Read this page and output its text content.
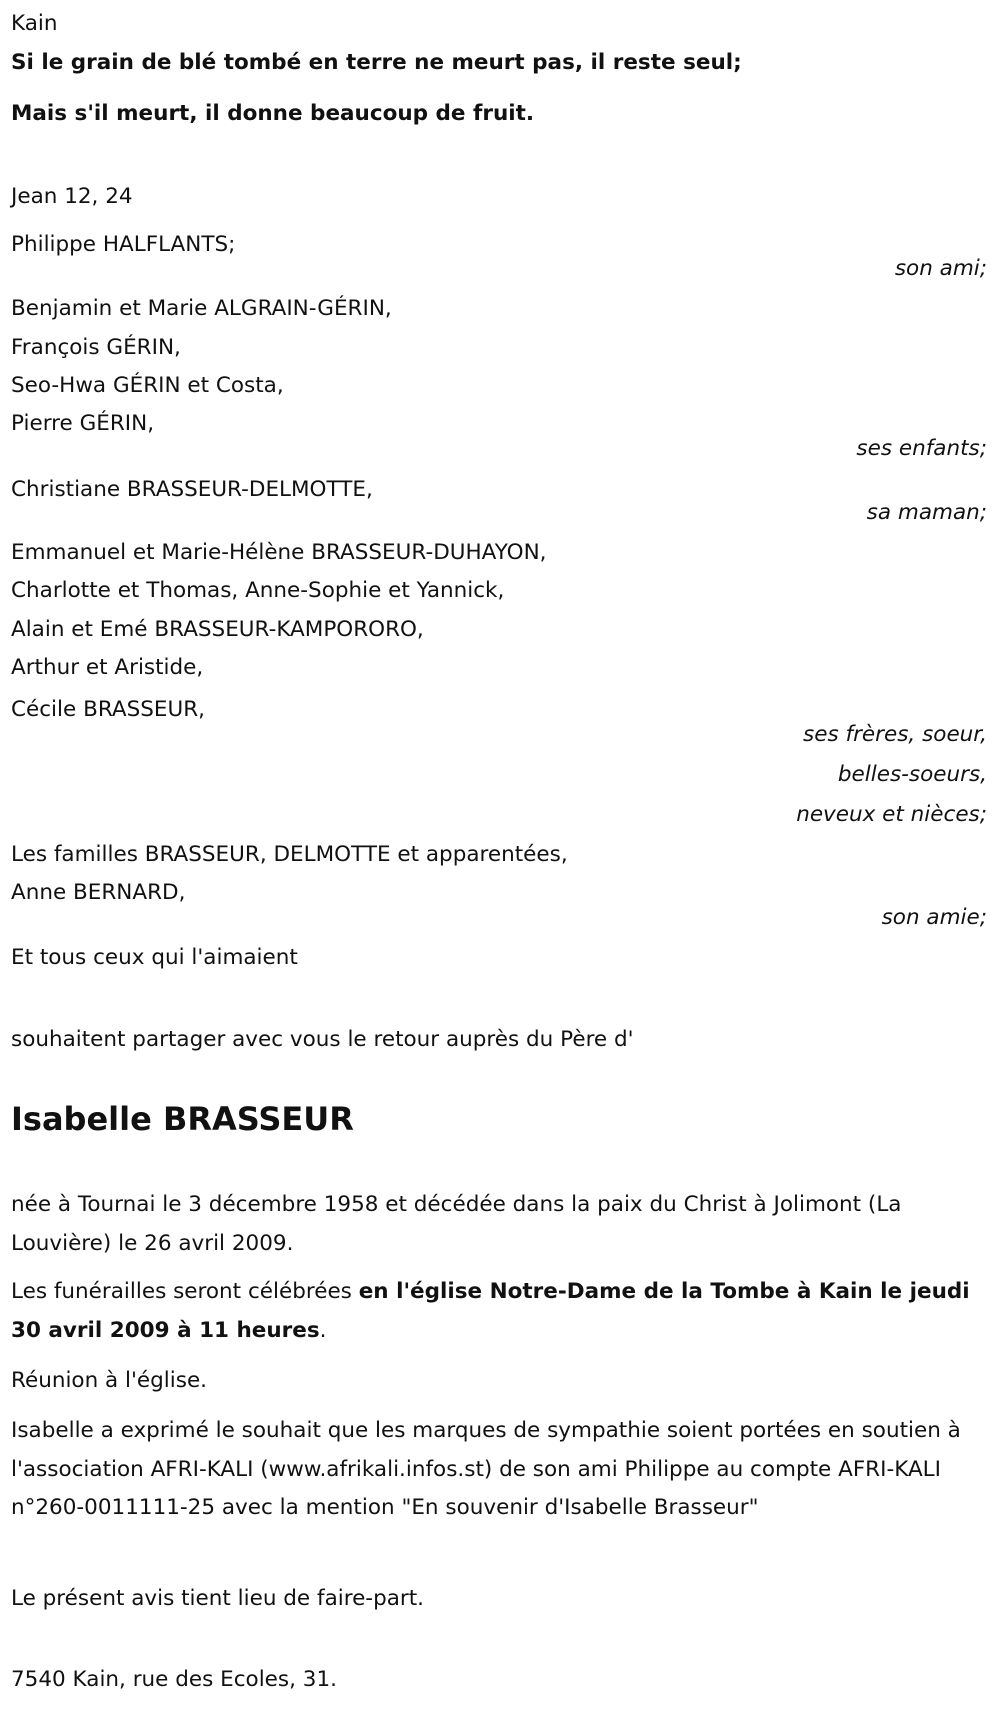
Kain
Si le grain de blé tombé en terre ne meurt pas, il reste seul;
Mais s'il meurt, il donne beaucoup de fruit.
Jean 12, 24
Philippe HALFLANTS;
son ami;
Benjamin et Marie ALGRAIN-GÉRIN,
François GÉRIN,
Seo-Hwa GÉRIN et Costa,
Pierre GÉRIN,
ses enfants;
Christiane BRASSEUR-DELMOTTE,
sa maman;
Emmanuel et Marie-Hélène BRASSEUR-DUHAYON,
Charlotte et Thomas, Anne-Sophie et Yannick,
Alain et Emé BRASSEUR-KAMPORORO,
Arthur et Aristide,
Cécile BRASSEUR,
ses frères, soeur,
belles-soeurs,
neveux et nièces;
Les familles BRASSEUR, DELMOTTE et apparentées,
Anne BERNARD,
son amie;
Et tous ceux qui l'aimaient
souhaitent partager avec vous le retour auprès du Père d'
Isabelle BRASSEUR
née à Tournai le 3 décembre 1958 et décédée dans la paix du Christ à Jolimont (La Louvière) le 26 avril 2009.
Les funérailles seront célébrées en l'église Notre-Dame de la Tombe à Kain le jeudi 30 avril 2009 à 11 heures.
Réunion à l'église.
Isabelle a exprimé le souhait que les marques de sympathie soient portées en soutien à l'association AFRI-KALI (www.afrikali.infos.st) de son ami Philippe au compte AFRI-KALI n°260-0011111-25 avec la mention "En souvenir d'Isabelle Brasseur"
Le présent avis tient lieu de faire-part.
7540 Kain, rue des Ecoles, 31.
